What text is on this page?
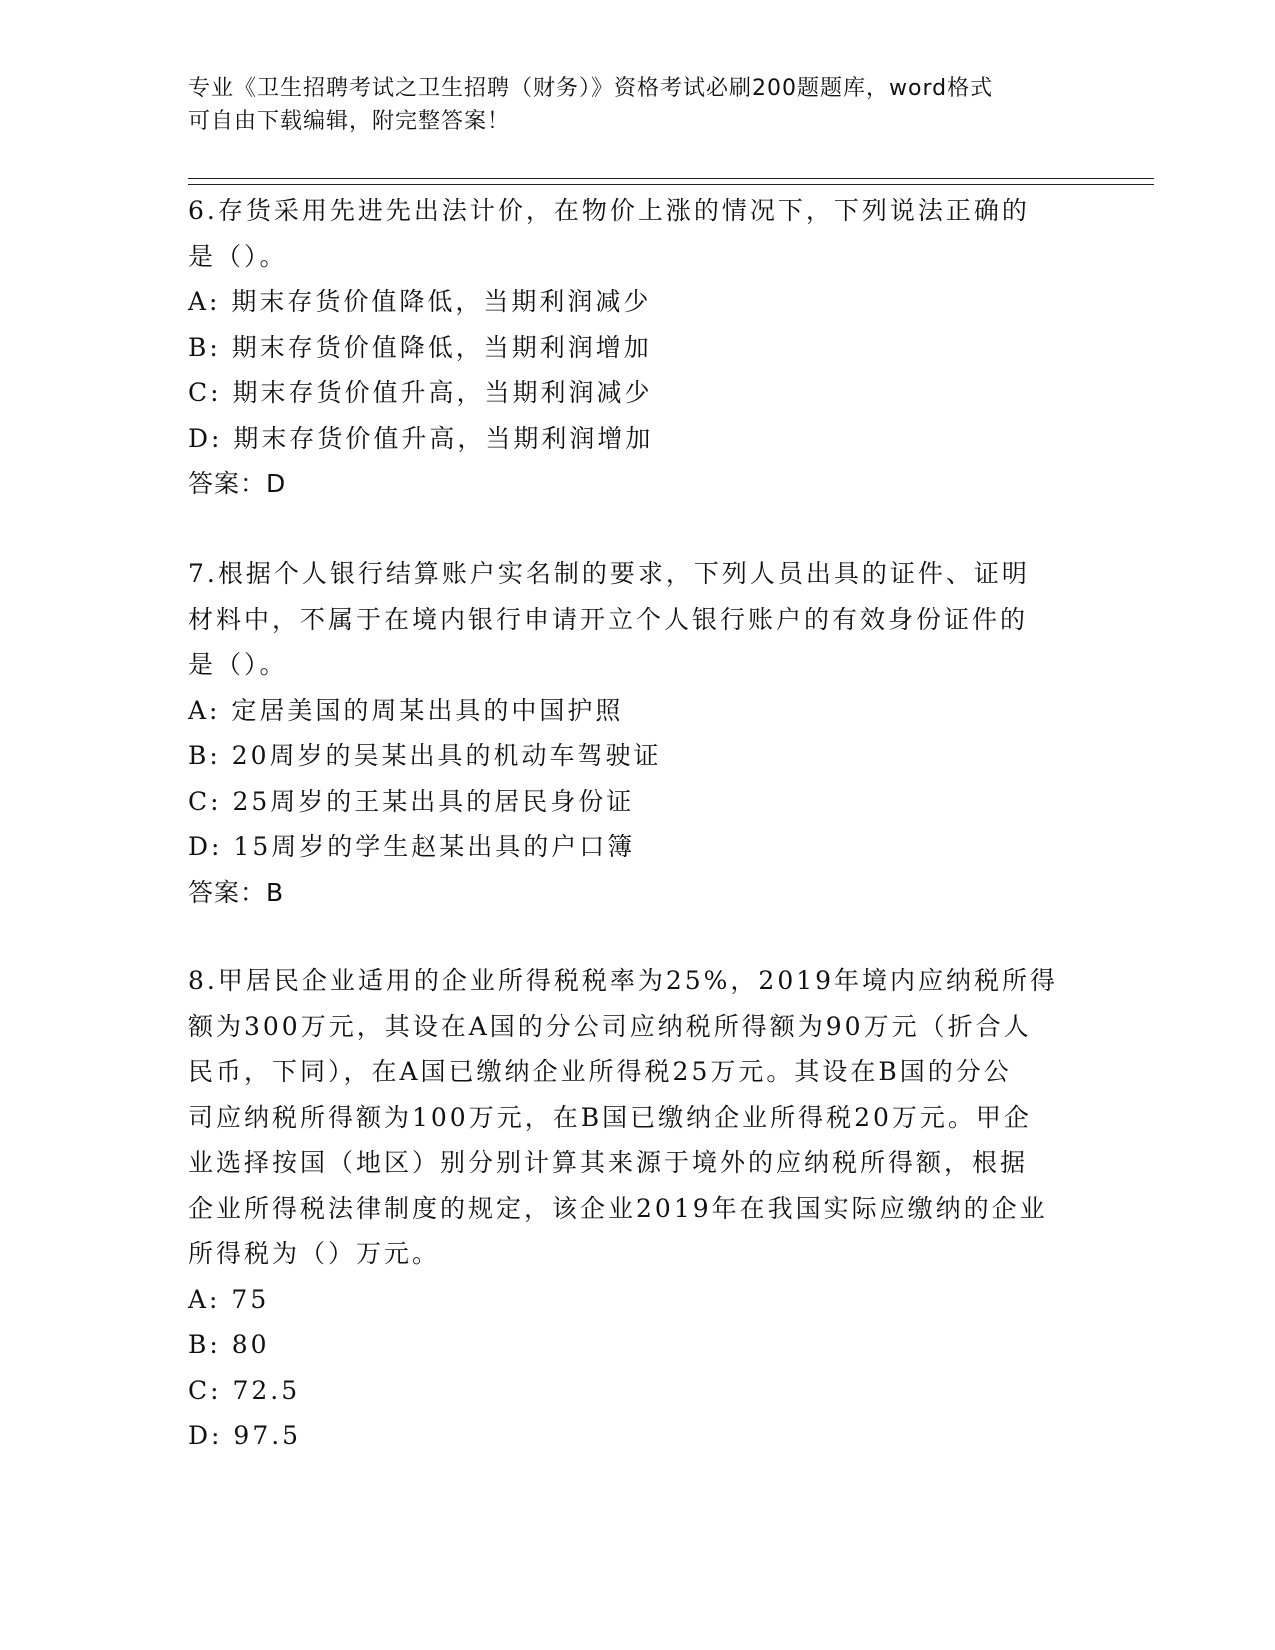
专业《卫生招聘考试之卫生招聘（财务）》资格考试必刷200题题库，word格式
可自由下载编辑，附完整答案！
6.存货采用先进先出法计价，在物价上涨的情况下，下列说法正确的
是（）。
A: 期末存货价值降低，当期利润减少
B: 期末存货价值降低，当期利润增加
C: 期末存货价值升高，当期利润减少
D: 期末存货价值升高，当期利润增加
答案：D
7.根据个人银行结算账户实名制的要求，下列人员出具的证件、证明
材料中，不属于在境内银行申请开立个人银行账户的有效身份证件的
是（）。
A: 定居美国的周某出具的中国护照
B: 20周岁的吴某出具的机动车驾驶证
C: 25周岁的王某出具的居民身份证
D: 15周岁的学生赵某出具的户口簿
答案：B
8.甲居民企业适用的企业所得税税率为25%，2019年境内应纳税所得
额为300万元，其设在A国的分公司应纳税所得额为90万元（折合人
民币，下同），在A国已缴纳企业所得税25万元。其设在B国的分公
司应纳税所得额为100万元，在B国已缴纳企业所得税20万元。甲企
业选择按国（地区）别分别计算其来源于境外的应纳税所得额，根据
企业所得税法律制度的规定，该企业2019年在我国实际应缴纳的企业
所得税为（）万元。
A: 75
B: 80
C: 72.5
D: 97.5
